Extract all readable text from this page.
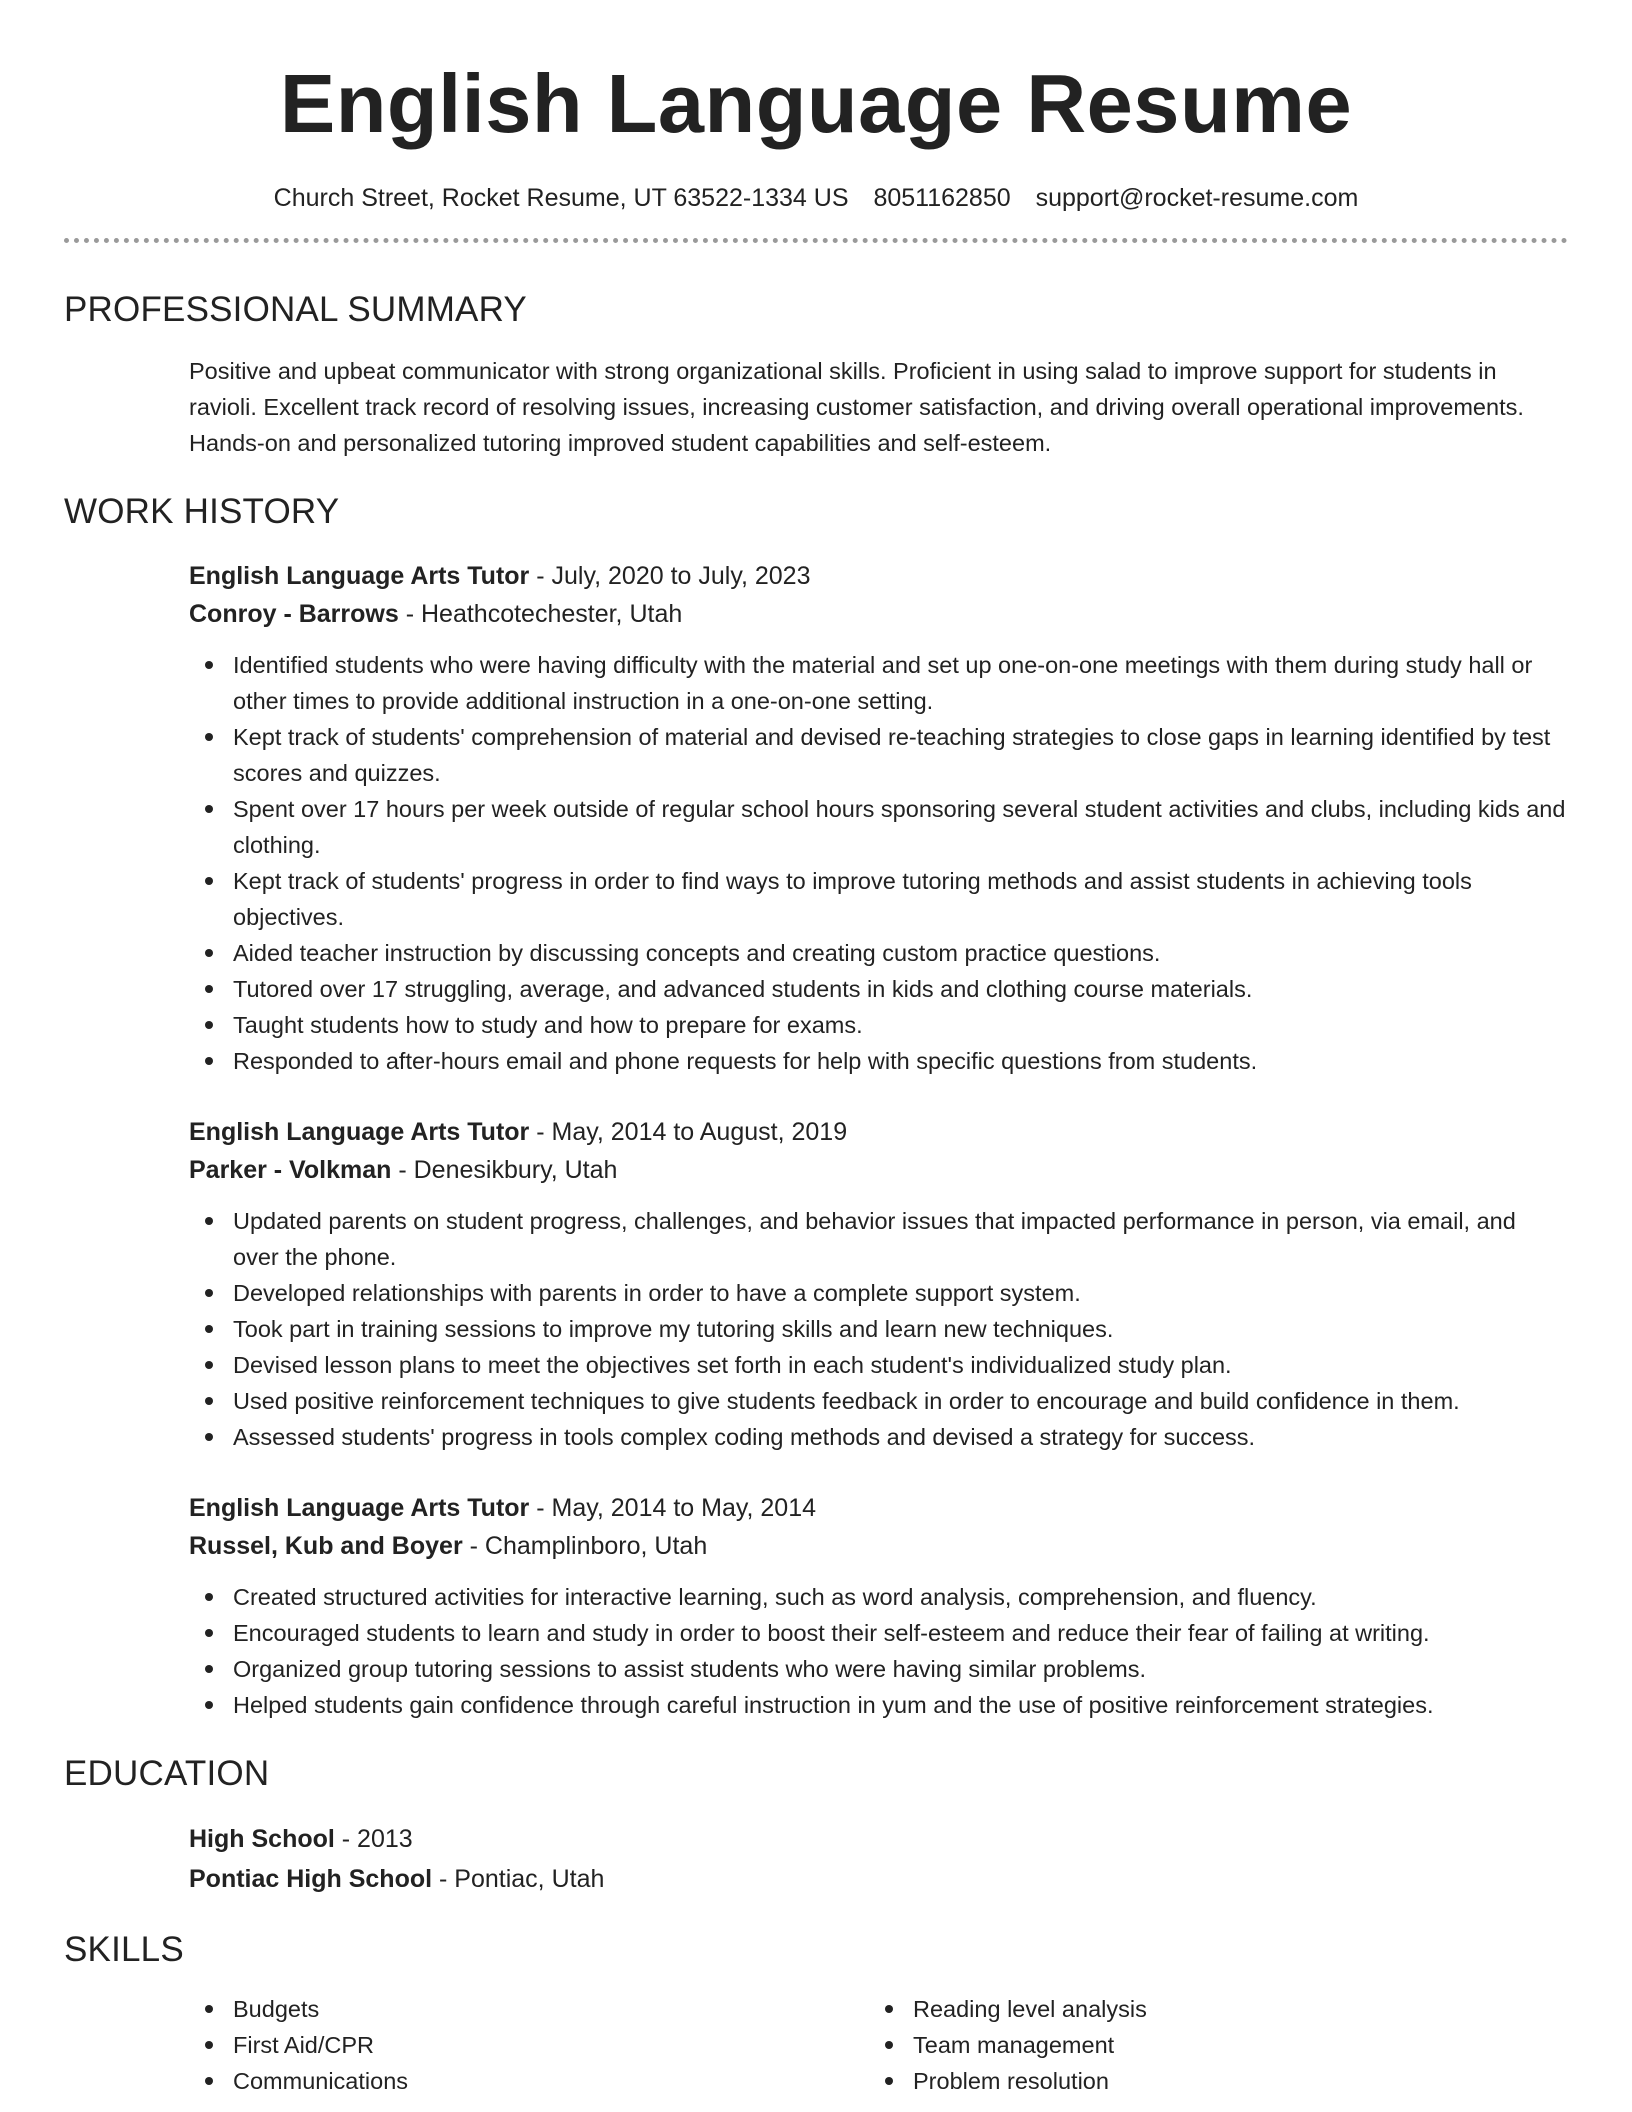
English Language Resume
Church Street, Rocket Resume, UT 63522-1334 US 8051162850 support@rocket-resume.com
PROFESSIONAL SUMMARY
Positive and upbeat communicator with strong organizational skills. Proficient in using salad to improve support for students in ravioli. Excellent track record of resolving issues, increasing customer satisfaction, and driving overall operational improvements. Hands-on and personalized tutoring improved student capabilities and self-esteem.
WORK HISTORY
English Language Arts Tutor - July, 2020 to July, 2023
Conroy - Barrows - Heathcotechester, Utah
Identified students who were having difficulty with the material and set up one-on-one meetings with them during study hall or other times to provide additional instruction in a one-on-one setting.
Kept track of students' comprehension of material and devised re-teaching strategies to close gaps in learning identified by test scores and quizzes.
Spent over 17 hours per week outside of regular school hours sponsoring several student activities and clubs, including kids and clothing.
Kept track of students' progress in order to find ways to improve tutoring methods and assist students in achieving tools objectives.
Aided teacher instruction by discussing concepts and creating custom practice questions.
Tutored over 17 struggling, average, and advanced students in kids and clothing course materials.
Taught students how to study and how to prepare for exams.
Responded to after-hours email and phone requests for help with specific questions from students.
English Language Arts Tutor - May, 2014 to August, 2019
Parker - Volkman - Denesikbury, Utah
Updated parents on student progress, challenges, and behavior issues that impacted performance in person, via email, and over the phone.
Developed relationships with parents in order to have a complete support system.
Took part in training sessions to improve my tutoring skills and learn new techniques.
Devised lesson plans to meet the objectives set forth in each student's individualized study plan.
Used positive reinforcement techniques to give students feedback in order to encourage and build confidence in them.
Assessed students' progress in tools complex coding methods and devised a strategy for success.
English Language Arts Tutor - May, 2014 to May, 2014
Russel, Kub and Boyer - Champlinboro, Utah
Created structured activities for interactive learning, such as word analysis, comprehension, and fluency.
Encouraged students to learn and study in order to boost their self-esteem and reduce their fear of failing at writing.
Organized group tutoring sessions to assist students who were having similar problems.
Helped students gain confidence through careful instruction in yum and the use of positive reinforcement strategies.
EDUCATION
High School - 2013
Pontiac High School - Pontiac, Utah
SKILLS
Budgets
First Aid/CPR
Communications
Reading level analysis
Team management
Problem resolution
